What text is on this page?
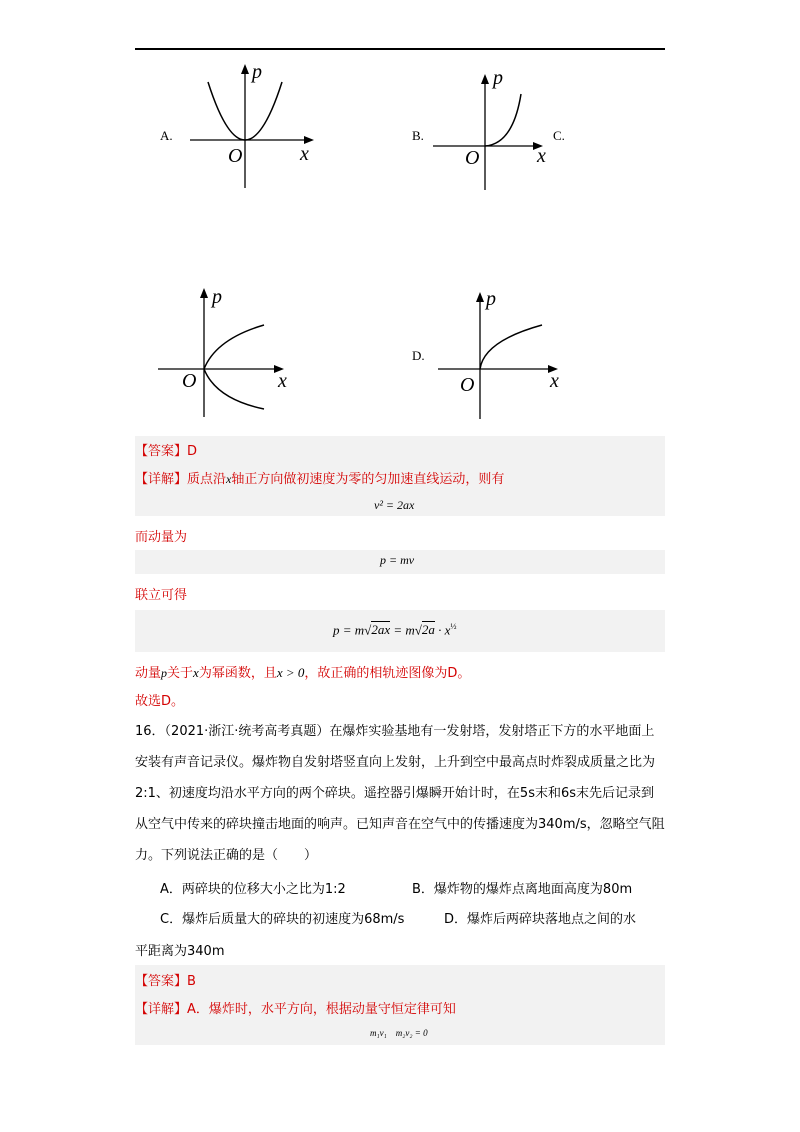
A.
p
x
O
B.
p
x
O
C.
p
x
O
D.
p
x
O
【答案】D
【详解】质点沿x轴正方向做初速度为零的匀加速直线运动，则有
v² = 2ax
而动量为
p = mv
联立可得
$p = m√2ax = m√2a \cdot x^{\frac{1}{2}}$
动量p关于x为幂函数，且x > 0，故正确的相轨迹图像为D。
故选D。
16．（2021·浙江·统考高考真题）在爆炸实验基地有一发射塔，发射塔正下方的水平地面上安装有声音记录仪。爆炸物自发射塔竖直向上发射，上升到空中最高点时炸裂成质量之比为2:1、初速度均沿水平方向的两个碎块。遥控器引爆瞬开始计时，在5s末和6s末先后记录到从空气中传来的碎块撞击地面的响声。已知声音在空气中的传播速度为340m/s，忽略空气阻力。下列说法正确的是（　　）
A．两碎块的位移大小之比为1:2	B．爆炸物的爆炸点离地面高度为80m
C．爆炸后质量大的碎块的初速度为68m/s	D．爆炸后两碎块落地点之间的水
平距离为340m
【答案】B
【详解】A．爆炸时，水平方向，根据动量守恒定律可知
m₁v₁　m₂v₂ = 0
